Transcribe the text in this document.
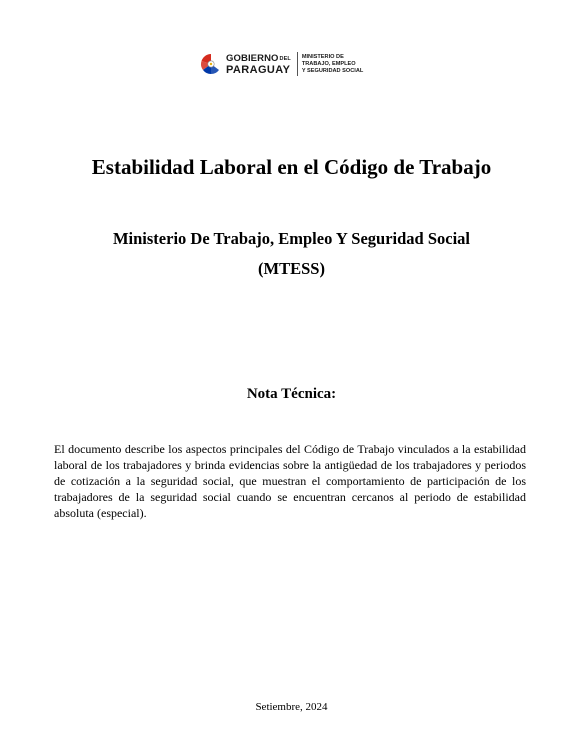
GOBIERNODEL
PARAGUAY
MINISTERIO DE
TRABAJO, EMPLEO
Y SEGURIDAD SOCIAL
Estabilidad Laboral en el Código de Trabajo
Ministerio De Trabajo, Empleo Y Seguridad Social
(MTESS)
Nota Técnica:

El documento describe los aspectos principales del Código de Trabajo vinculados a la estabilidad laboral de los trabajadores y brinda evidencias sobre la antigüedad de los trabajadores y periodos de cotización a la seguridad social, que muestran el comportamiento de participación de los trabajadores de la seguridad social cuando se encuentran cercanos al periodo de estabilidad absoluta (especial).

Setiembre, 2024
